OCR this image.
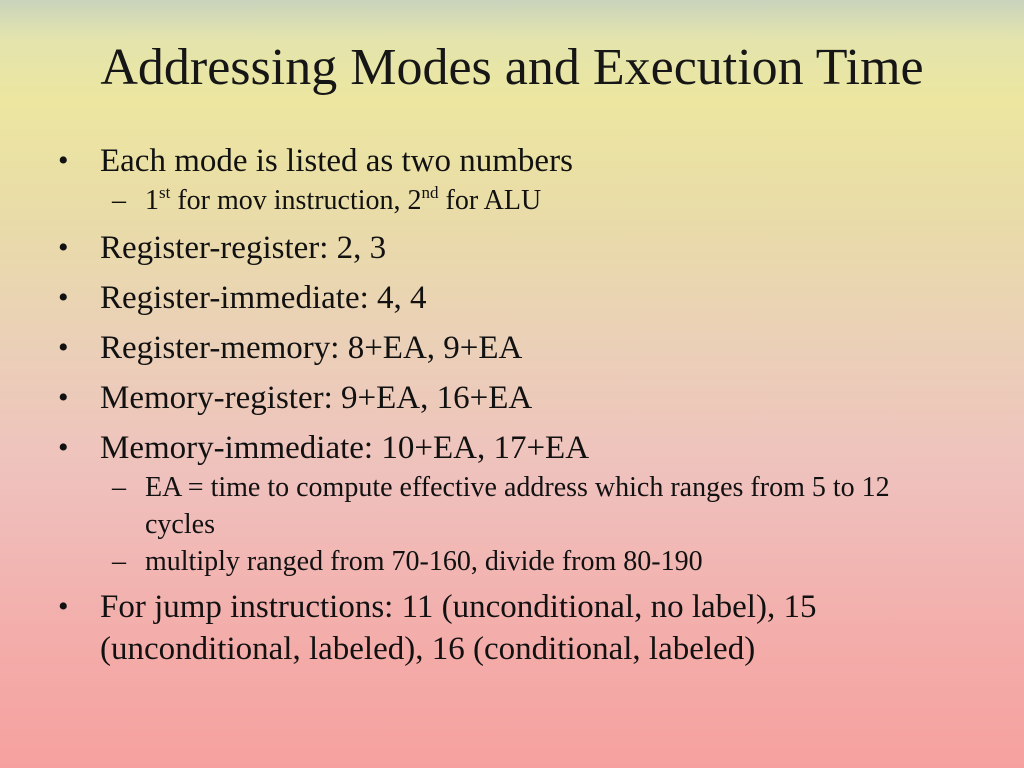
Addressing Modes and Execution Time
• Each mode is listed as two numbers
– 1st for mov instruction, 2nd for ALU
• Register-register: 2, 3
• Register-immediate: 4, 4
• Register-memory: 8+EA, 9+EA
• Memory-register: 9+EA, 16+EA
• Memory-immediate: 10+EA, 17+EA
– EA = time to compute effective address which ranges from 5 to 12 cycles
– multiply ranged from 70-160, divide from 80-190
• For jump instructions: 11 (unconditional, no label), 15 (unconditional, labeled), 16 (conditional, labeled)
